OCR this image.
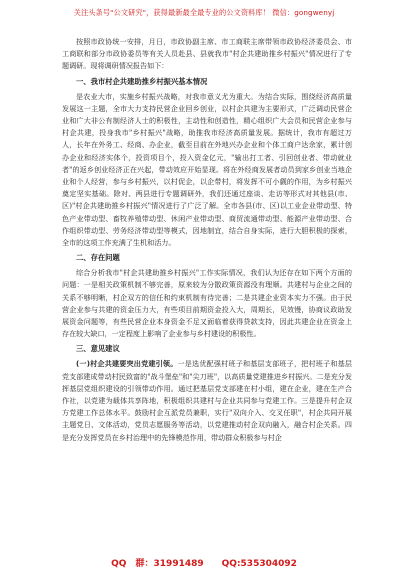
关注头条号"公文研究"，获得最新最全最专业的公文资料库！ 微信：gongwenyj

按照市政协统一安排，月日，市政协副主席、市工商联主席带领市政协经济委员会、市工商联和部分市政协委员等有关人员赴县、县就我市"村企共建助推乡村振兴"情况进行了专题调研。现将调研情况报告如下：

一、我市村企共建助推乡村振兴基本情况

是农业大市，实施乡村振兴战略，对我市意义尤为重大。为结合实际，围绕经济高质量发展这一主题，全市大力支持民营企业回乡创业，以村企共建为主要形式，广泛调动民营企业和广大非公有制经济人士的积极性，主动性和创造性，精心组织广大会员和民营企业参与村企共建，投身我市"乡村振兴"战略，助推我市经济高质量发展。据统计，我市有超过万人，长年在外务工、经商、办企业，截至目前在外地兴办企业和个体工商户达余家，累计创办企业和经济实体个，投资项目个，投入资金亿元，"输出打工者、引回创业者、带动就业者"的返乡创业经济正在兴起，带动效应开始显现。将在外经商发展者动员到家乡创业当地企业和个人经营，参与乡村振兴，以村促企，以企带村，将发挥不可小觑的作用，为乡村振兴奠定坚实基础。除对、两县进行专题调研外，我们还通过座谈、走访等形式对其他县(市、区)"村企共建助推乡村振兴"情况进行了广泛了解。全市各县(市、区)以工业企业带动型、特色产业带动型、畜牧养殖带动型、休闲产业带动型、商贸流通带动型、能源产业带动型、合作组织带动型、劳务经济带动型等模式，因地制宜，结合自身实际，进行大胆积极的探索，全市的这项工作充满了生机和活力。

二、存在问题

综合分析我市"村企共建助推乡村振兴"工作实际情况，我们认为还存在如下两个方面的问题：一是相关政策机制不够完善，原来较为分散政策资源没有理顺。共建村与企业之间的关系不够明晰，村企双方的信任和约束机制有待完善；二是共建企业资本实力不强。由于民营企业参与共建的资金压力大，有些项目前期资金投入大，周期长，见效慢，协商议政助发展资金问题等，有些民营企业本身资金不足又面临着获得贷款支持，因此共建企业在资金上存在较大缺口，一定程度上影响了企业参与乡村建设的积极性。

三、意见建议

(一)村企共建要突出党建引领。一是选优配强村班子和基层支部班子，把村班子和基层党支部建成带动村民致富的"战斗堡垒"和"尖刀班"，以高质量党建推进乡村振兴。二是充分发挥基层党组织建设的引领带动作用。通过把基层党支部建在村小组，建在企业，建在生产合作社，以党建为载体共享阵地，积极组织共建村与企业共同参与党建工作。三是提升村企双方党建工作总体水平。鼓励村企互派党员兼职，实行"双向介入、交叉任职"，村企共同开展主题党日、文体活动，党员志愿服务等活动，以党建推动村企双向融入，融合村企关系。四是充分发挥党员在乡村治理中的先锋模范作用，带动群众积极参与村企

QQ 群：31991489 QQ:535304092
